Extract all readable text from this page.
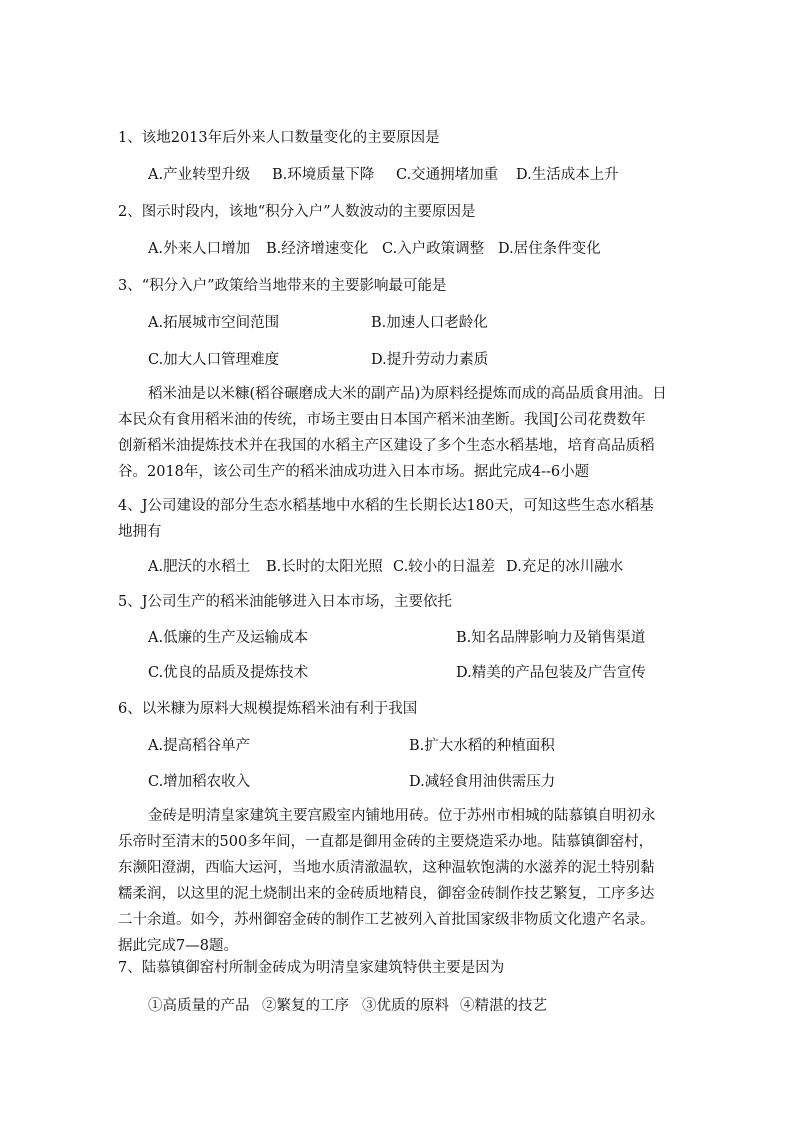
1、该地2013年后外来人口数量变化的主要原因是
A.产业转型升级 B.环境质量下降 C.交通拥堵加重 D.生活成本上升
2、图示时段内，该地“积分入户”人数波动的主要原因是
A.外来人口增加 B.经济增速变化 C.入户政策调整 D.居住条件变化
3、“积分入户”政策给当地带来的主要影响最可能是
A.拓展城市空间范围	B.加速人口老龄化
C.加大人口管理难度	D.提升劳动力素质
稻米油是以米糠(稻谷碾磨成大米的副产品)为原料经提炼而成的高品质食用油。日
本民众有食用稻米油的传统，市场主要由日本国产稻米油垄断。我国J公司花费数年
创新稻米油提炼技术并在我国的水稻主产区建设了多个生态水稻基地，培育高品质稻
谷。2018年，该公司生产的稻米油成功进入日本市场。据此完成4--6小题
4、J公司建设的部分生态水稻基地中水稻的生长期长达180天，可知这些生态水稻基
地拥有
A.肥沃的水稻土 B.长时的太阳光照 C.较小的日温差 D.充足的冰川融水
5、J公司生产的稻米油能够进入日本市场，主要依托
A.低廉的生产及运输成本	B.知名品牌影响力及销售渠道
C.优良的品质及提炼技术	D.精美的产品包装及广告宣传
6、以米糠为原料大规模提炼稻米油有利于我国
A.提高稻谷单产	B.扩大水稻的种植面积
C.增加稻农收入	D.减轻食用油供需压力
金砖是明清皇家建筑主要宫殿室内铺地用砖。位于苏州市相城的陆慕镇自明初永
乐帝时至清末的500多年间，一直都是御用金砖的主要烧造采办地。陆慕镇御窑村，
东濒阳澄湖，西临大运河，当地水质清澈温软，这种温软饱满的水滋养的泥土特别黏
糯柔润，以这里的泥土烧制出来的金砖质地精良，御窑金砖制作技艺繁复，工序多达
二十余道。如今，苏州御窑金砖的制作工艺被列入首批国家级非物质文化遗产名录。
据此完成7—8题。
7、陆慕镇御窑村所制金砖成为明清皇家建筑特供主要是因为
①高质量的产品 ②繁复的工序 ③优质的原料 ④精湛的技艺
